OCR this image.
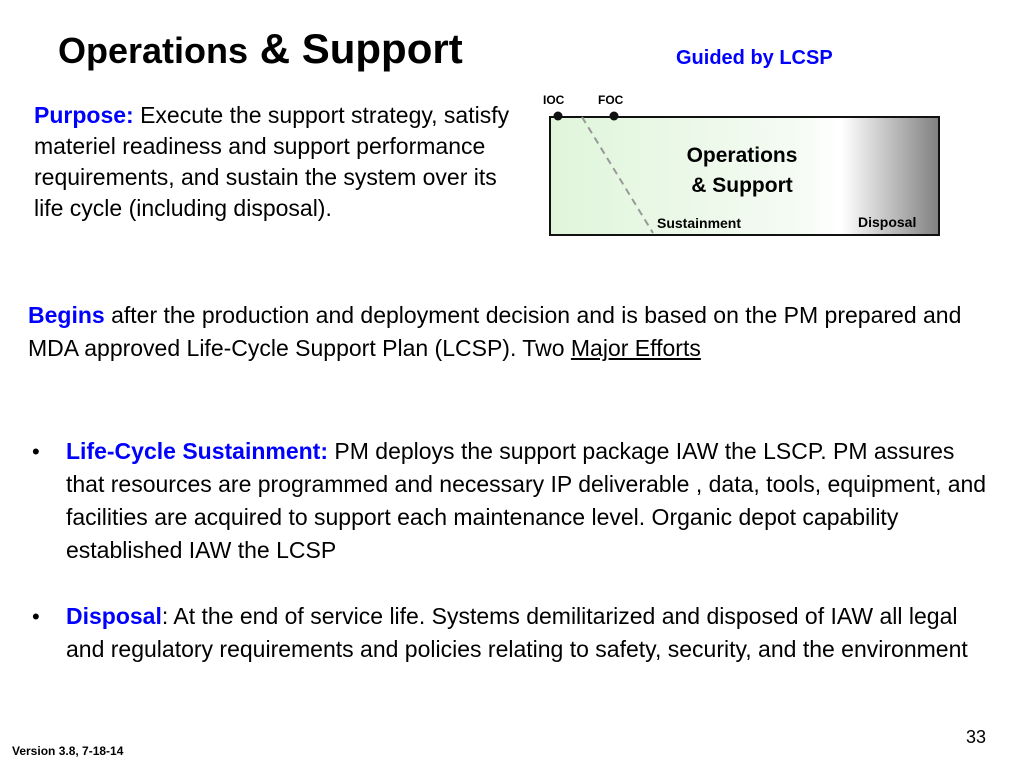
Operations & Support	Guided by LCSP

Purpose: Execute the support strategy, satisfy materiel readiness and support performance requirements, and sustain the system over its life cycle (including disposal).

IOC	FOC
Operations
& Support
Sustainment	Disposal

Begins after the production and deployment decision and is based on the PM prepared and MDA approved Life-Cycle Support Plan (LCSP). Two Major Efforts

• Life-Cycle Sustainment: PM deploys the support package IAW the LSCP. PM assures that resources are programmed and necessary IP deliverable , data, tools, equipment, and facilities are acquired to support each maintenance level. Organic depot capability established IAW the LCSP
• Disposal: At the end of service life. Systems demilitarized and disposed of IAW all legal and regulatory requirements and policies relating to safety, security, and the environment
33
Version 3.8, 7-18-14
